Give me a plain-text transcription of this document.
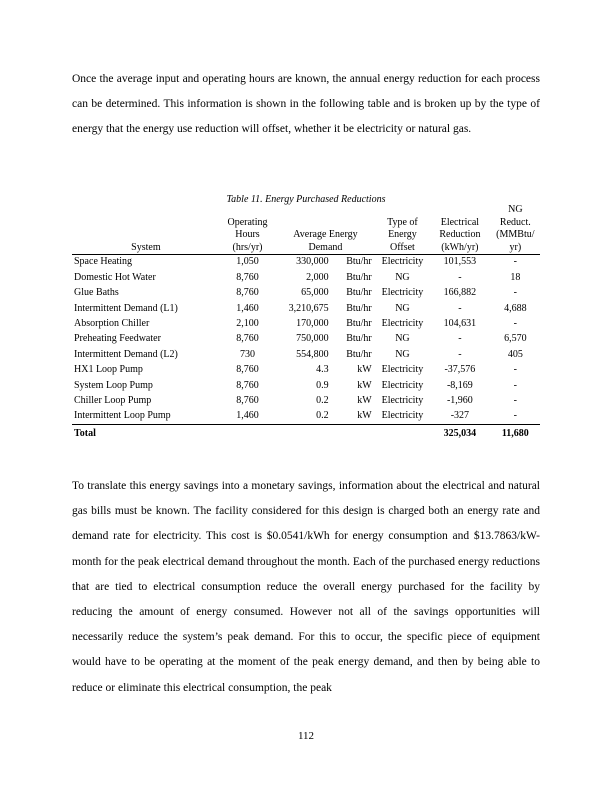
Once the average input and operating hours are known, the annual energy reduction for each process can be determined. This information is shown in the following table and is broken up by the type of energy that the energy use reduction will offset, whether it be electricity or natural gas.

Table 11. Energy Purchased Reductions

System	Operating Hours (hrs/yr)	Average Energy Demand		Type of Energy Offset	Electrical Reduction (kWh/yr)	NG Reduct. (MMBtu/ yr)
Space Heating	1,050	330,000	Btu/hr	Electricity	101,553	-
Domestic Hot Water	8,760	2,000	Btu/hr	NG	-	18
Glue Baths	8,760	65,000	Btu/hr	Electricity	166,882	-
Intermittent Demand (L1)	1,460	3,210,675	Btu/hr	NG	-	4,688
Absorption Chiller	2,100	170,000	Btu/hr	Electricity	104,631	-
Preheating Feedwater	8,760	750,000	Btu/hr	NG	-	6,570
Intermittent Demand (L2)	730	554,800	Btu/hr	NG	-	405
HX1 Loop Pump	8,760	4.3	kW	Electricity	-37,576	-
System Loop Pump	8,760	0.9	kW	Electricity	-8,169	-
Chiller Loop Pump	8,760	0.2	kW	Electricity	-1,960	-
Intermittent Loop Pump	1,460	0.2	kW	Electricity	-327	-
Total					325,034	11,680

112

To translate this energy savings into a monetary savings, information about the electrical and natural gas bills must be known. The facility considered for this design is charged both an energy rate and demand rate for electricity. This cost is $0.0541/kWh for energy consumption and $13.7863/kW-month for the peak electrical demand throughout the month. Each of the purchased energy reductions that are tied to electrical consumption reduce the overall energy purchased for the facility by reducing the amount of energy consumed. However not all of the savings opportunities will necessarily reduce the system’s peak demand. For this to occur, the specific piece of equipment would have to be operating at the moment of the peak energy demand, and then by being able to reduce or eliminate this electrical consumption, the peak
